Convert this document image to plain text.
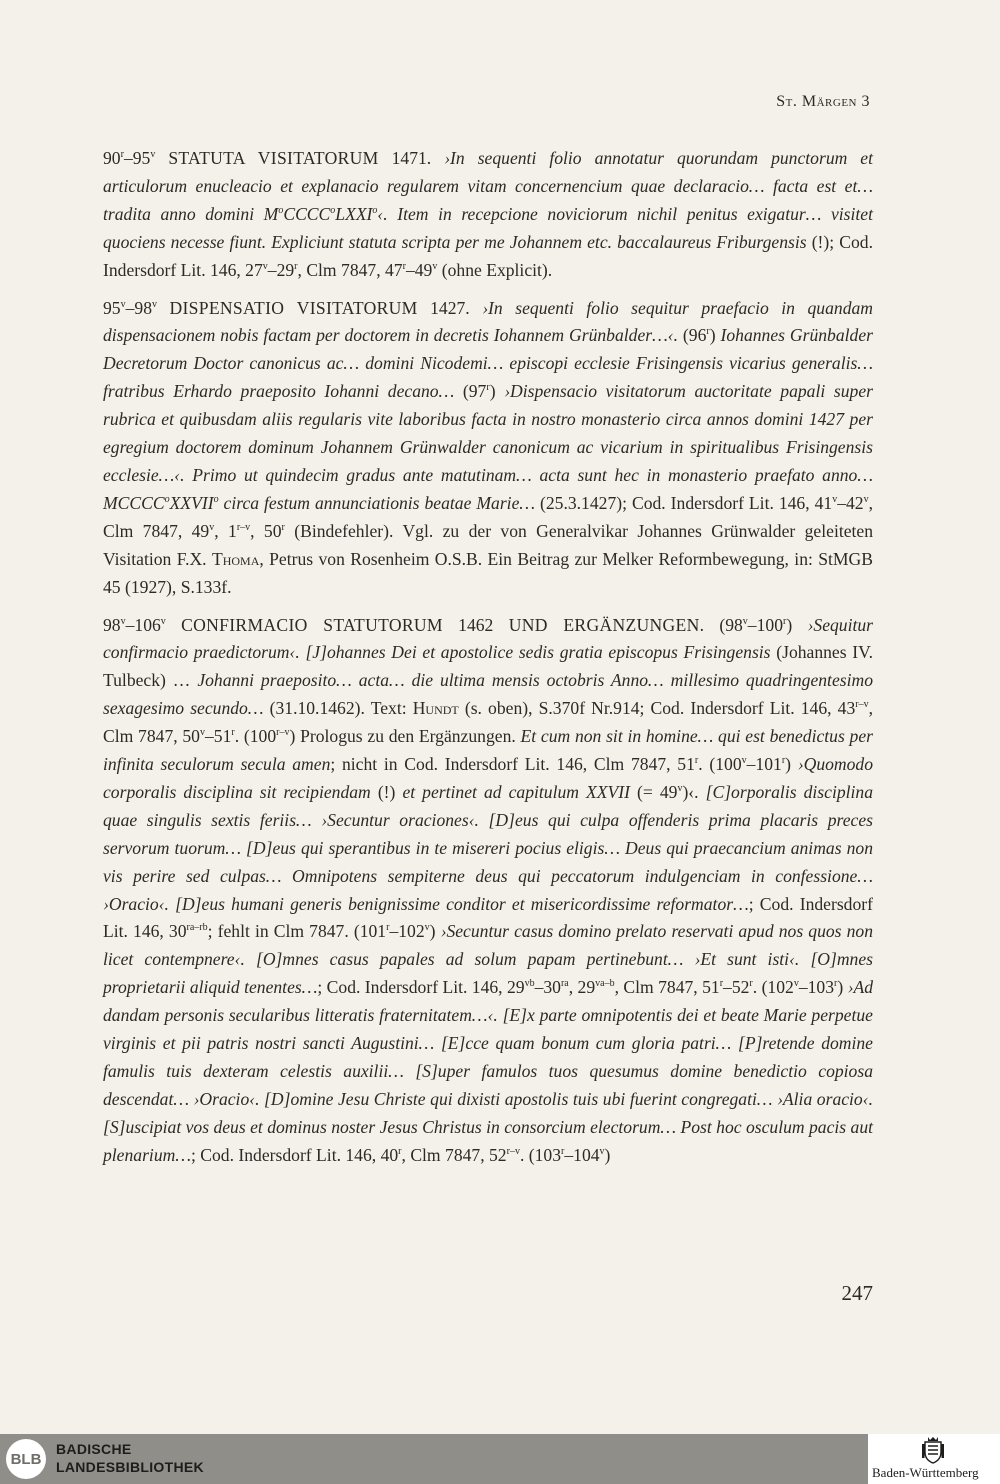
St. Märgen 3

90$^r$–95$^v$ STATUTA VISITATORUM 1471. ›In sequenti folio annotatur quorundam punctorum et articulorum enucleacio et explanacio regularem vitam concernencium quae declaracio… facta est et… tradita anno domini $M^oCCCC^oLXXI^o‹$. Item in recepcione noviciorum nichil penitus exigatur… visitet quociens necesse fiunt. Expliciunt statuta scripta per me Johannem etc. baccalaureus Friburgensis (!); Cod. Indersdorf Lit. 146, 27$^v$–29$^r$, Clm 7847, 47$^r$–49$^v$ (ohne Explicit).

95$^v$–98$^v$ DISPENSATIO VISITATORUM 1427. ›In sequenti folio sequitur praefacio in quandam dispensacionem nobis factam per doctorem in decretis Iohannem Grünbalder…‹. (96$^r$) Iohannes Grünbalder Decretorum Doctor canonicus ac… domini Nicodemi… episcopi ecclesie Frisingensis vicarius generalis… fratribus Erhardo praeposito Iohanni decano… (97$^r$) ›Dispensacio visitatorum auctoritate papali super rubrica et quibusdam aliis regularis vite laboribus facta in nostro monasterio circa annos domini 1427 per egregium doctorem dominum Johannem Grünwalder canonicum ac vicarium in spiritualibus Frisingensis ecclesie…‹. Primo ut quindecim gradus ante matutinam… acta sunt hec in monasterio praefato anno… MCCCC$^o$XXVII$^o$ circa festum annunciationis beatae Marie… (25.3.1427); Cod. Indersdorf Lit. 146, 41$^v$–42$^v$, Clm 7847, 49$^v$, 1$^{r-v}$, 50$^r$ (Bindefehler). Vgl. zu der von Generalvikar Johannes Grünwalder geleiteten Visitation F.X. Thoma, Petrus von Rosenheim O.S.B. Ein Beitrag zur Melker Reformbewegung, in: StMGB 45 (1927), S.133f.

98$^v$–106$^v$ CONFIRMACIO STATUTORUM 1462 UND ERGÄNZUNGEN. (98$^v$–100$^r$) ›Sequitur confirmacio praedictorum‹. [J]ohannes Dei et apostolice sedis gratia episcopus Frisingensis (Johannes IV. Tulbeck) … Johanni praeposito… acta… die ultima mensis octobris Anno… millesimo quadringentesimo sexagesimo secundo… (31.10.1462). Text: Hundt (s. oben), S.370f Nr.914; Cod. Indersdorf Lit. 146, 43$^{r-v}$, Clm 7847, 50$^v$–51$^r$. (100$^{r-v}$) Prologus zu den Ergänzungen. Et cum non sit in homine… qui est benedictus per infinita seculorum secula amen; nicht in Cod. Indersdorf Lit. 146, Clm 7847, 51$^r$. (100$^v$–101$^r$) ›Quomodo corporalis disciplina sit recipiendam (!) et pertinet ad capitulum XXVII (= $49^v)‹$. [C]orporalis disciplina quae singulis sextis feriis… ›Secuntur oraciones‹. [D]eus qui culpa offenderis prima placaris preces servorum tuorum… [D]eus qui sperantibus in te misereri pocius eligis… Deus qui praecancium animas non vis perire sed culpas… Omnipotens sempiterne deus qui peccatorum indulgenciam in confessione… ›Oracio‹. [D]eus humani generis benignissime conditor et misericordissime reformator…; Cod. Indersdorf Lit. 146, $30^{ra-rb}$; fehlt in Clm 7847. (101$^r$–102$^v$) ›Secuntur casus domino prelato reservati apud nos quos non licet contempnere‹. [O]mnes casus papales ad solum papam pertinebunt… ›Et sunt isti‹. [O]mnes proprietarii aliquid tenentes…; Cod. Indersdorf Lit. 146, $29^{vb}-30^{ra}$, $29^{va-b}$, Clm 7847, 51$^r$–52$^r$. (102$^v$–103$^r$) ›Ad dandam personis secularibus litteratis fraternitatem…‹. [E]x parte omnipotentis dei et beate Marie perpetue virginis et pii patris nostri sancti Augustini… [E]cce quam bonum cum gloria patri… [P]retende domine famulis tuis dexteram celestis auxilii… [S]uper famulos tuos quesumus domine benedictio copiosa descendat… ›Oracio‹. [D]omine Jesu Christe qui dixisti apostolis tuis ubi fuerint congregati… ›Alia oracio‹. [S]uscipiat vos deus et dominus noster Jesus Christus in consorcium electorum… Post hoc osculum pacis aut plenarium…; Cod. Indersdorf Lit. 146, 40$^r$, Clm 7847, 52$^{r-v}$. (103$^r$–104$^v$)

247
BLB
BADISCHE
LANDESBIBLIOTHEK	Baden-Württemberg
